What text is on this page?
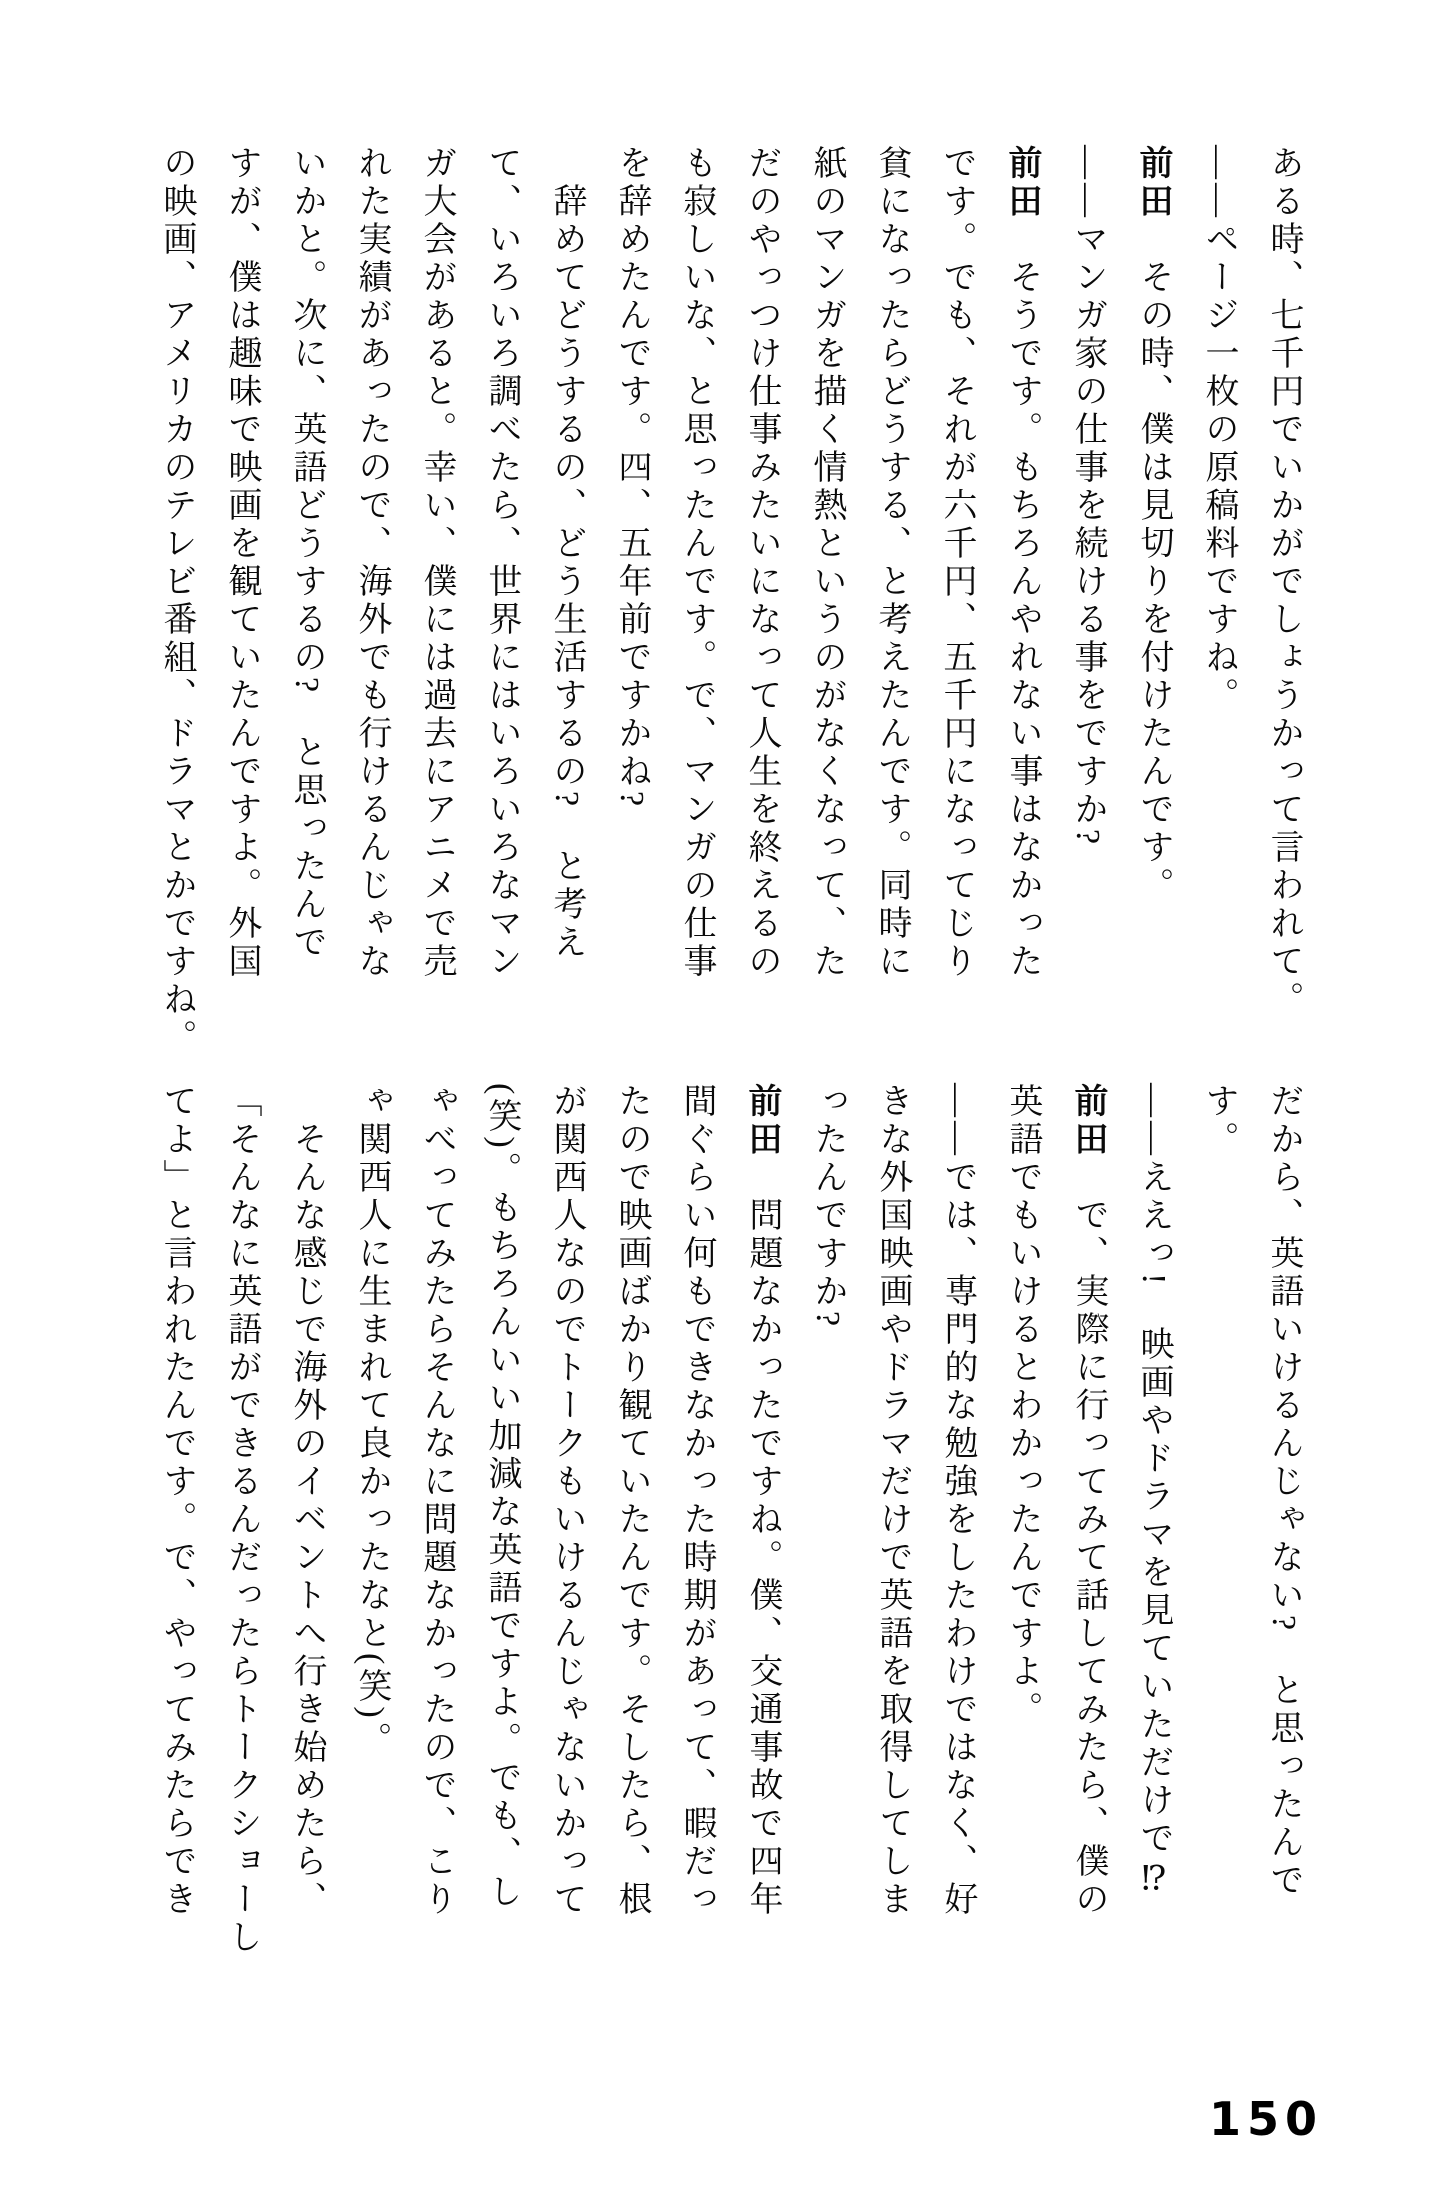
ある時、七千円でいかがでしょうかって言われて。
――ページ一枚の原稿料ですね。
前田　その時、僕は見切りを付けたんです。
――マンガ家の仕事を続ける事をですか?
前田　そうです。もちろんやれない事はなかった
です。でも、それが六千円、五千円になってじり
貧になったらどうする、と考えたんです。同時に
紙のマンガを描く情熱というのがなくなって、た
だのやっつけ仕事みたいになって人生を終えるの
も寂しいな、と思ったんです。で、マンガの仕事
を辞めたんです。四、五年前ですかね?
辞めてどうするの、どう生活するの?　と考え
て、いろいろ調べたら、世界にはいろいろなマン
ガ大会があると。幸い、僕には過去にアニメで売
れた実績があったので、海外でも行けるんじゃな
いかと。次に、英語どうするの?　と思ったんで
すが、僕は趣味で映画を観ていたんですよ。外国
の映画、アメリカのテレビ番組、ドラマとかですね。
だから、英語いけるんじゃない?　と思ったんで
す。
――ええっ!　映画やドラマを見ていただけで⁉
前田　で、実際に行ってみて話してみたら、僕の
英語でもいけるとわかったんですよ。
――では、専門的な勉強をしたわけではなく、好
きな外国映画やドラマだけで英語を取得してしま
ったんですか?
前田　問題なかったですね。僕、交通事故で四年
間ぐらい何もできなかった時期があって、暇だっ
たので映画ばかり観ていたんです。そしたら、根
が関西人なのでトークもいけるんじゃないかって
(笑)。もちろんいい加減な英語ですよ。でも、し
ゃべってみたらそんなに問題なかったので、こり
ゃ関西人に生まれて良かったなと(笑)。
そんな感じで海外のイベントへ行き始めたら、
「そんなに英語ができるんだったらトークショーし
てよ」と言われたんです。で、やってみたらでき
150
